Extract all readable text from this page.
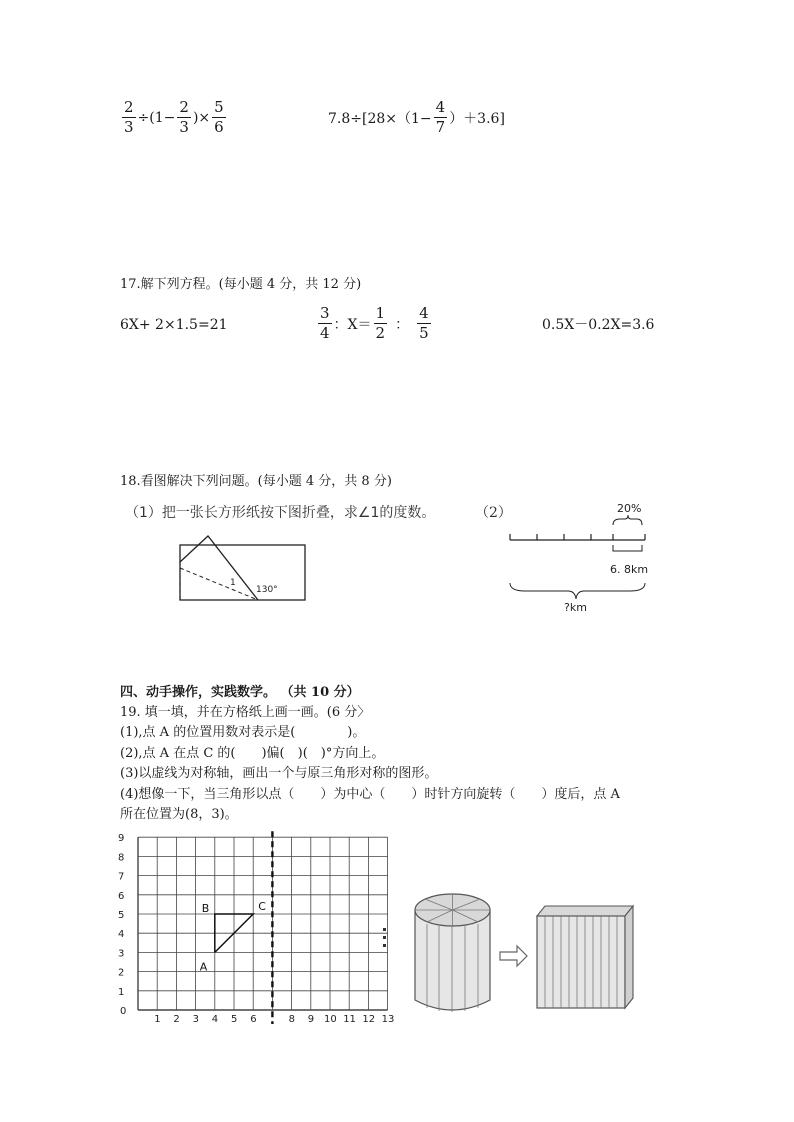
$\frac{2}{3} \div(1- \frac{2}{3}$ )× $\frac{5}{6}$	$7.8\div[28\times(1- \frac{4}{7} )+3.6]$
17.解下列方程。(每小题 4 分，共 12 分)
6X+ 2×1.5=21	$\frac{3}{4}$ ：$X= \frac{1}{2}$ ： $\frac{4}{5}$	0.5X－0.2X=3.6
18.看图解决下列问题。(每小题 4 分，共 8 分)
（1）把一张长方形纸按下图折叠，求∠1的度数。	（2）
1
130°
20%
6. 8km
?km
四、动手操作，实践数学。 （共 10 分）
19. 填一填，并在方格纸上画一画。(6 分〉
(1),点 A 的位置用数对表示是(　　　　)。
(2),点 A 在点 C 的(　　)偏(　)(　)°方向上。
(3)以虚线为对称轴，画出一个与原三角形对称的图形。
(4)想像一下，当三角形以点（　　）为中心（　　）时针方向旋转（　　）度后，点 A
所在位置为(8，3)。
1
2
3
4
5
6
7
8
9
1 2 3 4 5 6	8 9 10 11 12 13
0
A
B	C
